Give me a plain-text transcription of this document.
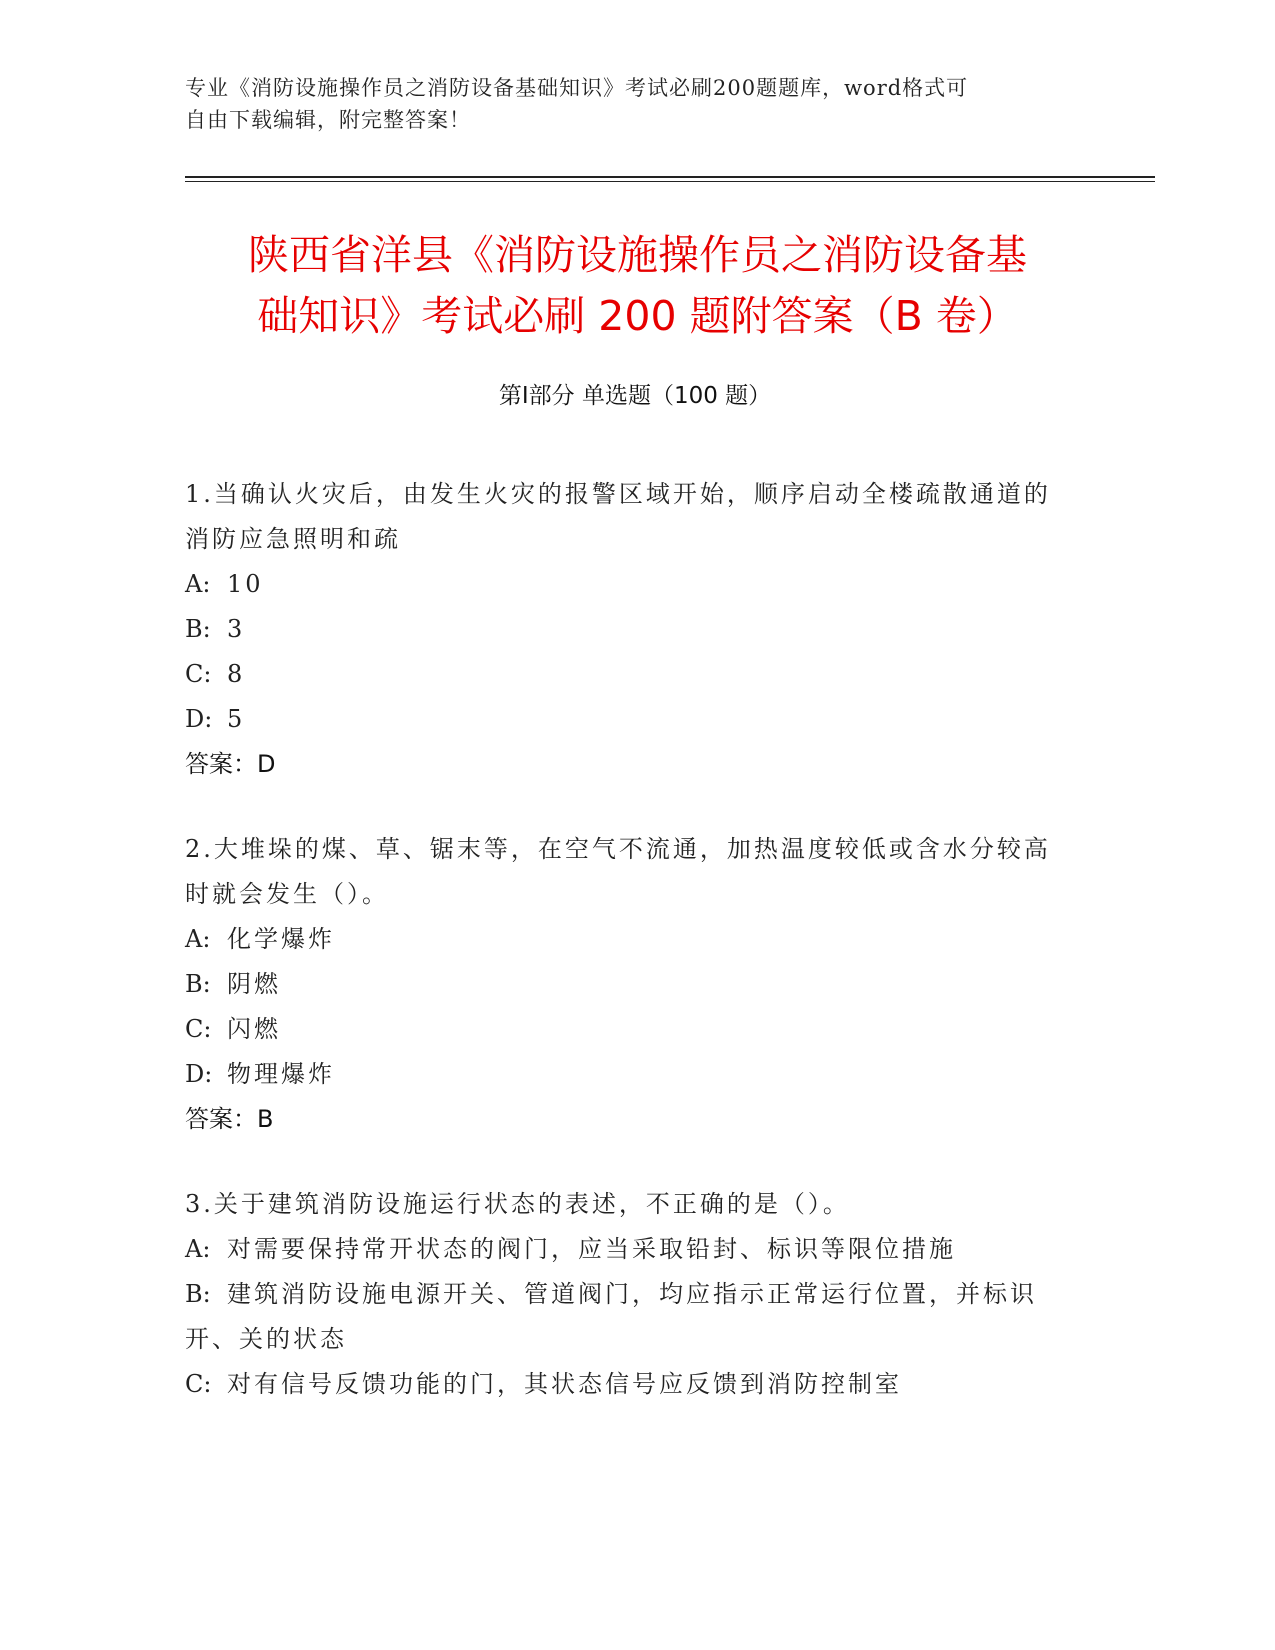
专业《消防设施操作员之消防设备基础知识》考试必刷200题题库，word格式可
自由下载编辑，附完整答案！
陕西省洋县《消防设施操作员之消防设备基
础知识》考试必刷 200 题附答案（B 卷）
第Ⅰ部分 单选题（100 题）
1.当确认火灾后，由发生火灾的报警区域开始，顺序启动全楼疏散通道的消防应急照明和疏
A: 10
B: 3
C: 8
D: 5
答案：D
2.大堆垛的煤、草、锯末等，在空气不流通，加热温度较低或含水分较高时就会发生（）。
A: 化学爆炸
B: 阴燃
C: 闪燃
D: 物理爆炸
答案：B
3.关于建筑消防设施运行状态的表述，不正确的是（）。
A: 对需要保持常开状态的阀门，应当采取铅封、标识等限位措施
B: 建筑消防设施电源开关、管道阀门，均应指示正常运行位置，并标识开、关的状态
C: 对有信号反馈功能的门，其状态信号应反馈到消防控制室
